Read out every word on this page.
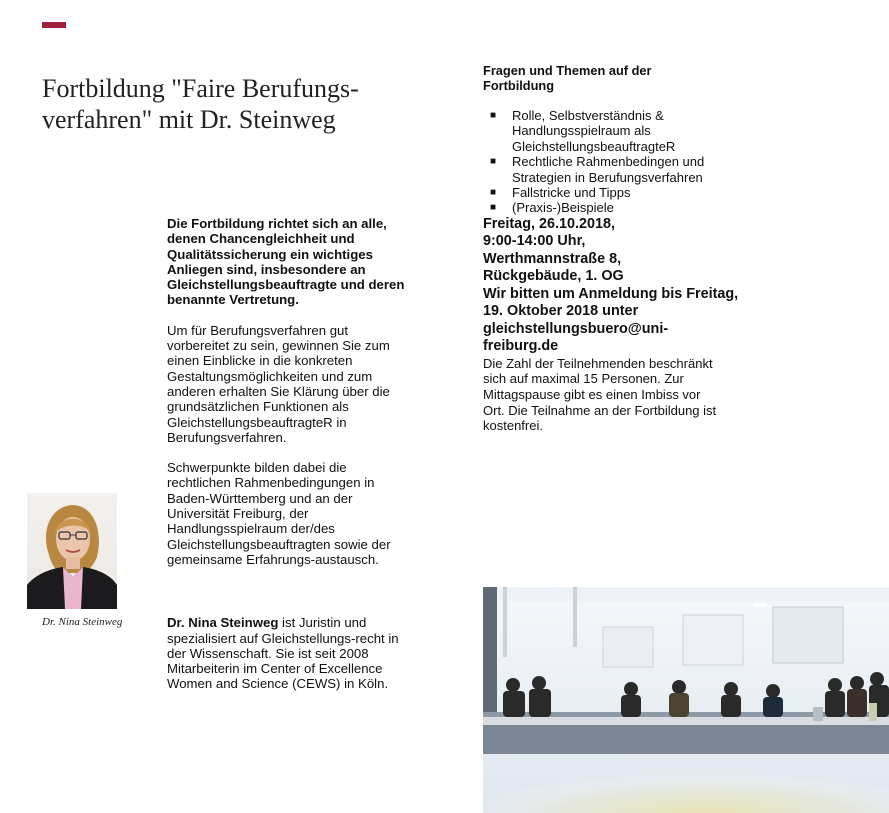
Fortbildung "Faire Berufungs-
verfahren" mit Dr. Steinweg

Die Fortbildung richtet sich an alle, denen Chancengleichheit und Qualitätssicherung ein wichtiges Anliegen sind, insbesondere an Gleichstellungsbeauftragte und deren benannte Vertretung.

Um für Berufungsverfahren gut vorbereitet zu sein, gewinnen Sie zum einen Einblicke in die konkreten Gestaltungsmöglichkeiten und zum anderen erhalten Sie Klärung über die grundsätzlichen Funktionen als GleichstellungsbeauftragteR in Berufungsverfahren.

Schwerpunkte bilden dabei die rechtlichen Rahmenbedingungen in Baden-Württemberg und an der Universität Freiburg, der Handlungsspielraum der/des Gleichstellungsbeauftragten sowie der gemeinsame Erfahrungs-austausch.

Dr. Nina Steinweg ist Juristin und spezialisiert auf Gleichstellungs-recht in der Wissenschaft. Sie ist seit 2008 Mitarbeiterin im Center of Excellence Women and Science (CEWS) in Köln.

Dr. Nina Steinweg

Fragen und Themen auf der Fortbildung

■ Rolle, Selbstverständnis & Handlungsspielraum als GleichstellungsbeauftragteR
■ Rechtliche Rahmenbedingen und Strategien in Berufungsverfahren
■ Fallstricke und Tipps
■ (Praxis-)Beispiele

Freitag, 26.10.2018,
9:00-14:00 Uhr,
Werthmannstraße 8,
Rückgebäude, 1. OG

Wir bitten um Anmeldung bis Freitag, 19. Oktober 2018 unter gleichstellungsbuero@uni-freiburg.de

Die Zahl der Teilnehmenden beschränkt sich auf maximal 15 Personen. Zur Mittagspause gibt es einen Imbiss vor Ort. Die Teilnahme an der Fortbildung ist kostenfrei.
